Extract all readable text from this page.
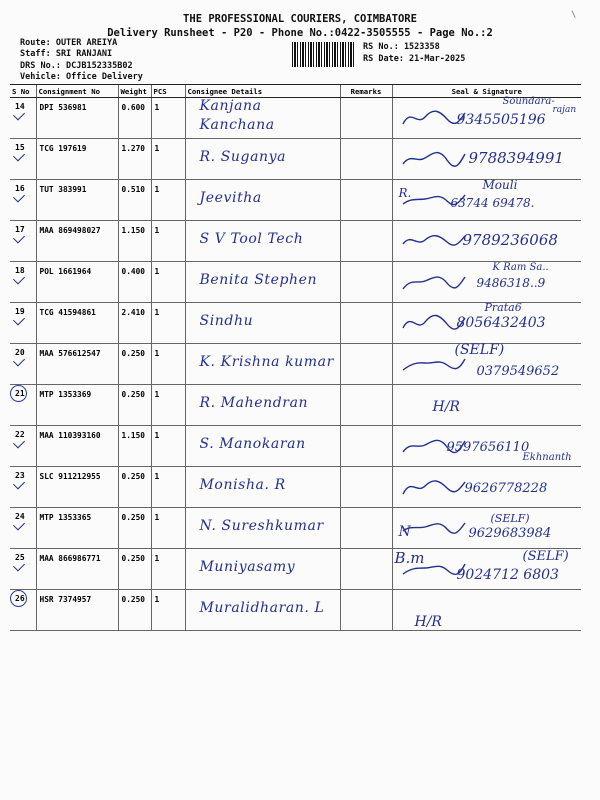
\
THE PROFESSIONAL COURIERS, COIMBATORE
Delivery Runsheet - P20 - Phone No.:0422-3505555 - Page No.:2
Route: OUTER AREIYA
Staff: SRI RANJANI
DRS No.: DCJB152335B02
Vehicle: Office Delivery
RS No.: 1523358
RS Date: 21-Mar-2025
S No	Consignment No	Weight	PCS	Consignee Details	Remarks	Seal & Signature

14	DPI 536981	0.600	1	Kanjana
Kanchana		Soundara-
rajan
9345505196

15	TCG 197619	1.270	1	R. Suganya		9788394991

16	TUT 383991	0.510	1	Jeevitha		R.
Mouli
63744 69478.

17	MAA 869498027	1.150	1	S V Tool Tech		9789236068

18	POL 1661964	0.400	1	Benita Stephen		K Ram Sa..
9486318..9

19	TCG 41594861	2.410	1	Sindhu		Prata6
8056432403

20	MAA 576612547	0.250	1	K. Krishna kumar		(SELF)
0379549652

21	MTP 1353369	0.250	1	R. Mahendran		H/R

22	MAA 110393160	1.150	1	S. Manokaran		9597656110
Ekhnanth

23	SLC 911212955	0.250	1	Monisha. R		9626778228

24	MTP 1353365	0.250	1	N. Sureshkumar		N
(SELF)
9629683984

25	MAA 866986771	0.250	1	Muniyasamy		B.m (SELF)
9024712 6803

26	HSR 7374957	0.250	1	Muralidharan. L		H/R
